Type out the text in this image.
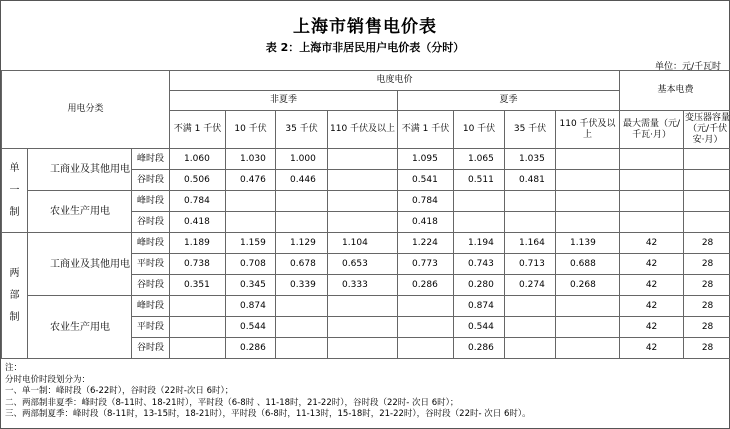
上海市销售电价表
表 2：上海市非居民用户电价表（分时）
单位：元/千瓦时
用电分类			电度电价								基本电费	
			非夏季				夏季					
			不满 1 千伏	10 千伏	35 千伏	110 千伏及以上	不满 1 千伏	10 千伏	35 千伏	110 千伏及以上	最大需量（元/千瓦·月）	变压器容量（元/千伏安·月）

单
一
制	工商业及其他用电	峰时段	1.060	1.030	1.000		1.095	1.065	1.035			
		谷时段	0.506	0.476	0.446		0.541	0.511	0.481			
	农业生产用电	峰时段	0.784				0.784					
		谷时段	0.418				0.418					

两
部
制	工商业及其他用电	峰时段	1.189	1.159	1.129	1.104	1.224	1.194	1.164	1.139	42	28
		平时段	0.738	0.708	0.678	0.653	0.773	0.743	0.713	0.688	42	28
		谷时段	0.351	0.345	0.339	0.333	0.286	0.280	0.274	0.268	42	28
	农业生产用电	峰时段		0.874				0.874			42	28
		平时段		0.544				0.544			42	28
		谷时段		0.286				0.286			42	28
注：
分时电价时段划分为：
一、单一制：峰时段（6-22时），谷时段（22时-次日 6时）；
二、两部制非夏季：峰时段（8-11时、18-21时），平时段（6-8时 、11-18时，21-22时），谷时段（22时- 次日 6时）；
三、两部制夏季：峰时段（8-11时，13-15时，18-21时），平时段（6-8时，11-13时，15-18时，21-22时），谷时段（22时- 次日 6时）。
